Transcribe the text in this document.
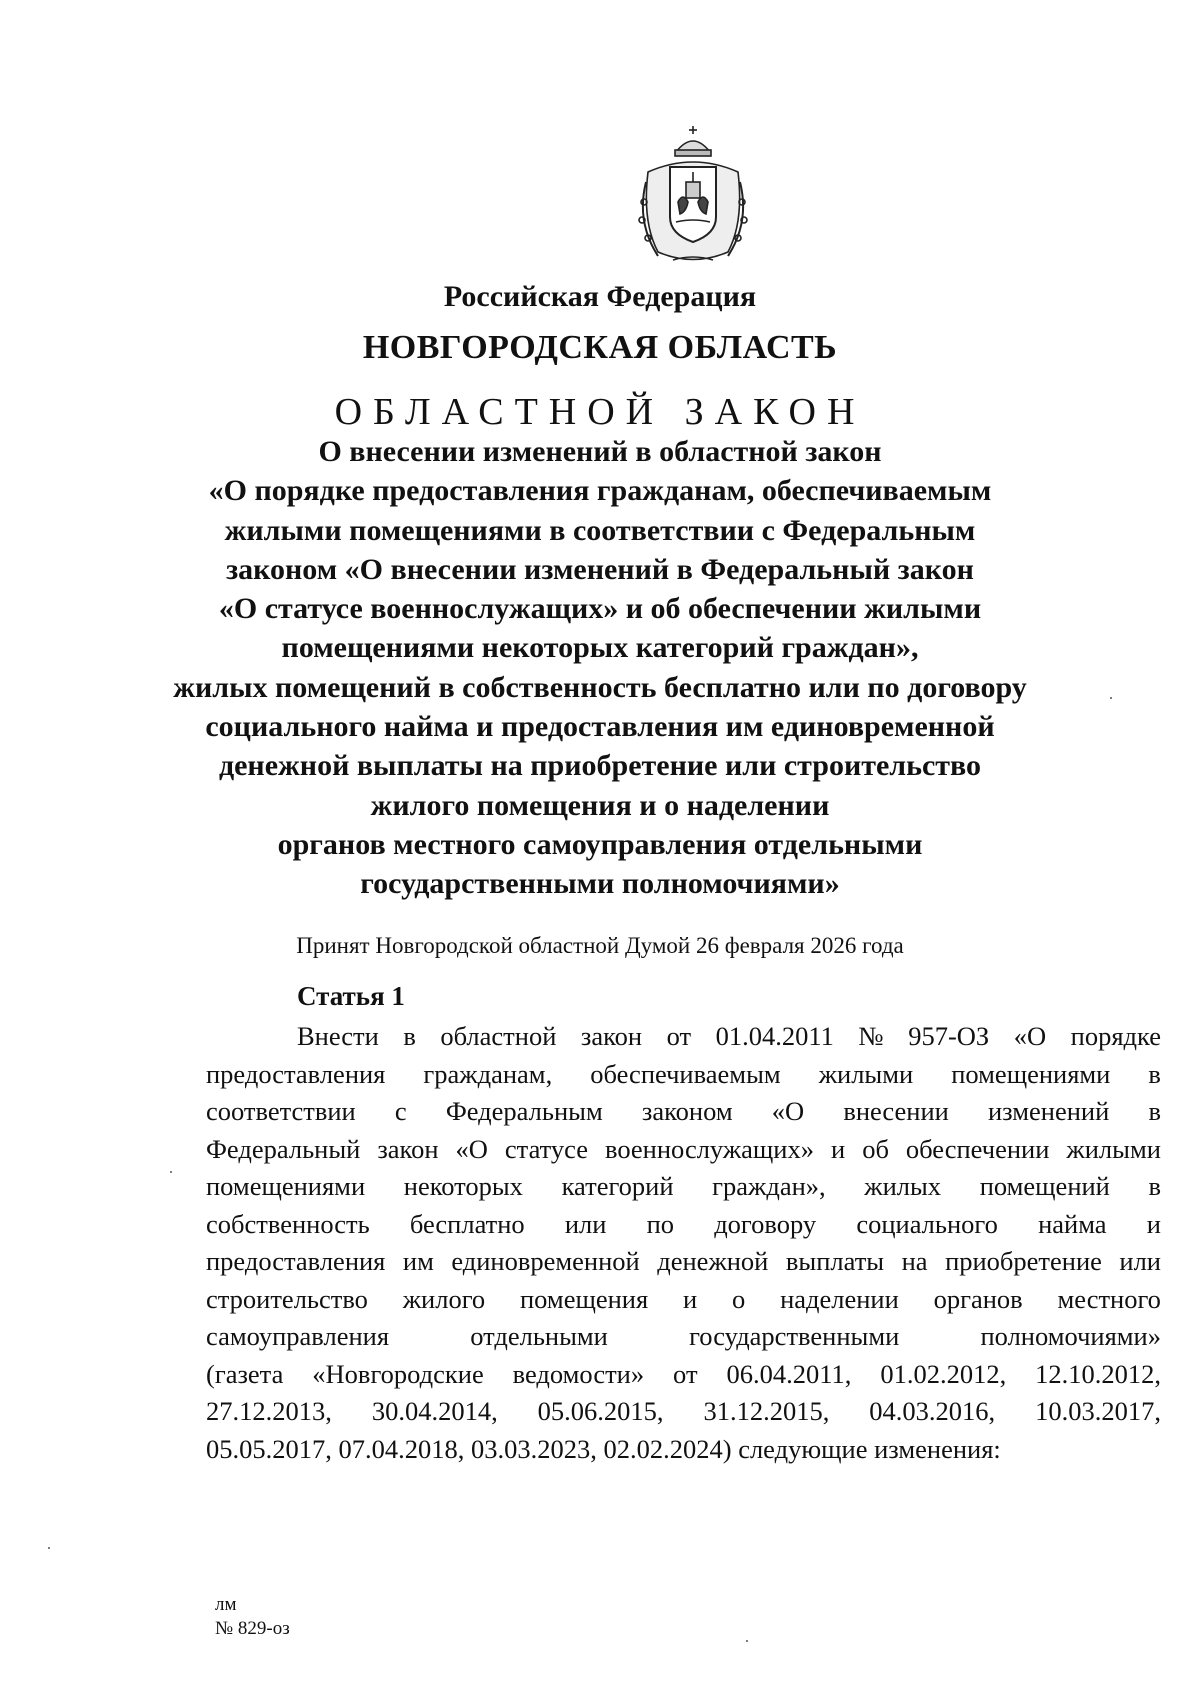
Российская Федерация
НОВГОРОДСКАЯ ОБЛАСТЬ
ОБЛАСТНОЙ ЗАКОН
О внесении изменений в областной закон
«О порядке предоставления гражданам, обеспечиваемым
жилыми помещениями в соответствии с Федеральным
законом «О внесении изменений в Федеральный закон
«О статусе военнослужащих» и об обеспечении жилыми
помещениями некоторых категорий граждан»,
жилых помещений в собственность бесплатно или по договору
социального найма и предоставления им единовременной
денежной выплаты на приобретение или строительство
жилого помещения и о наделении
органов местного самоуправления отдельными
государственными полномочиями»
Принят Новгородской областной Думой 26 февраля 2026 года
Статья 1
Внести в областной закон от 01.04.2011 № 957-ОЗ «О порядке
предоставления гражданам, обеспечиваемым жилыми помещениями в
соответствии с Федеральным законом «О внесении изменений в
Федеральный закон «О статусе военнослужащих» и об обеспечении жилыми
помещениями некоторых категорий граждан», жилых помещений в
собственность бесплатно или по договору социального найма и
предоставления им единовременной денежной выплаты на приобретение или
строительство жилого помещения и о наделении органов местного
самоуправления	отдельными	государственными	полномочиями»
(газета «Новгородские ведомости» от 06.04.2011, 01.02.2012, 12.10.2012,
27.12.2013, 30.04.2014, 05.06.2015, 31.12.2015, 04.03.2016, 10.03.2017,
05.05.2017, 07.04.2018, 03.03.2023, 02.02.2024) следующие изменения:
лм
№ 829-оз
